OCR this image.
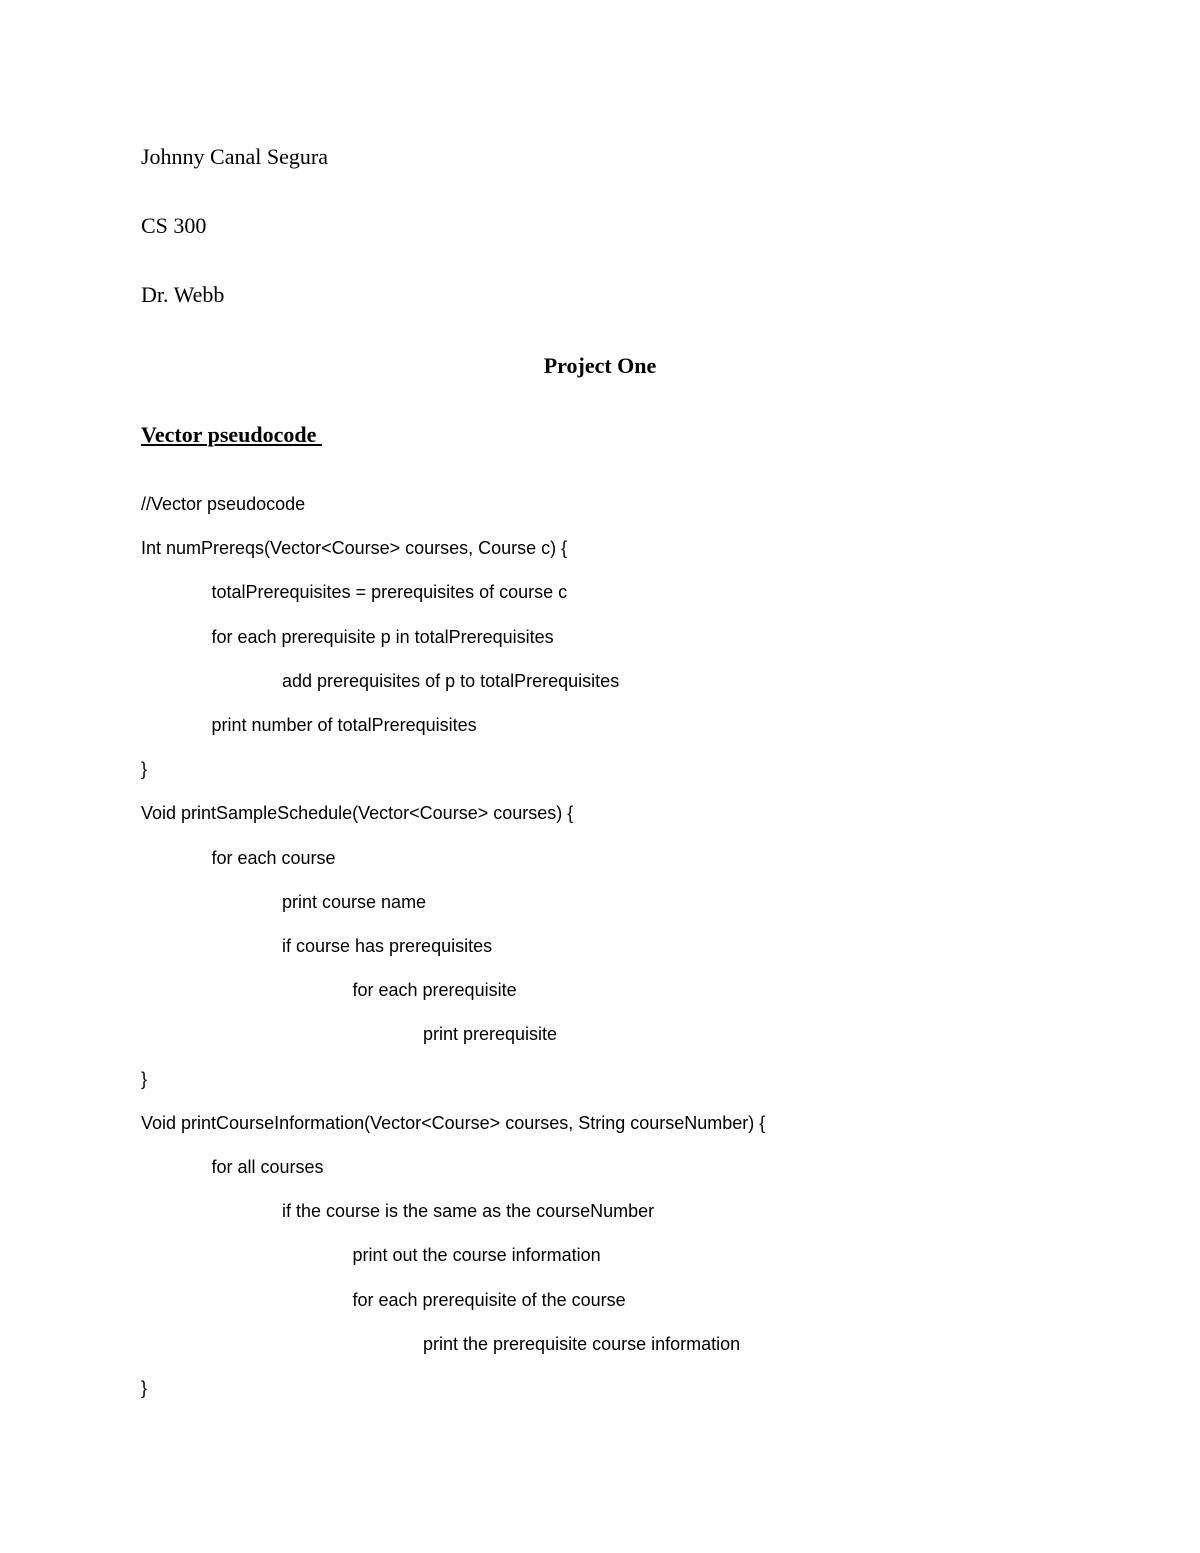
Johnny Canal Segura

CS 300

Dr. Webb

Project One
Vector pseudocode

//Vector pseudocode

Int numPrereqs(Vector<Course> courses, Course c) {

totalPrerequisites = prerequisites of course c

for each prerequisite p in totalPrerequisites

add prerequisites of p to totalPrerequisites

print number of totalPrerequisites

}

Void printSampleSchedule(Vector<Course> courses) {

for each course

print course name

if course has prerequisites

for each prerequisite

print prerequisite

}

Void printCourseInformation(Vector<Course> courses, String courseNumber) {

for all courses

if the course is the same as the courseNumber

print out the course information

for each prerequisite of the course

print the prerequisite course information

}
